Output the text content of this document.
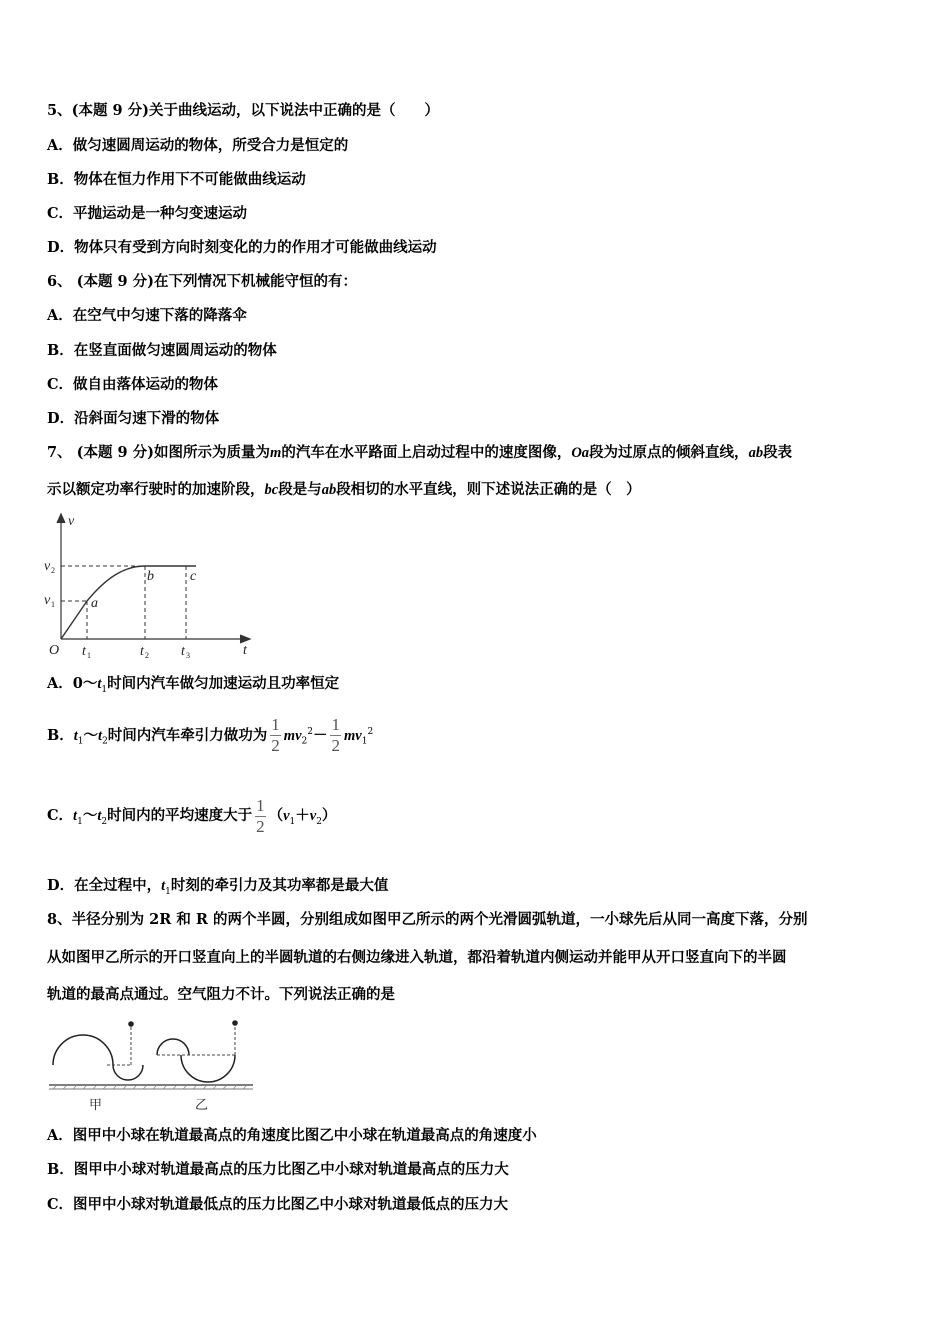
5、(本题 9 分)关于曲线运动，以下说法中正确的是（　　）
A．做匀速圆周运动的物体，所受合力是恒定的
B．物体在恒力作用下不可能做曲线运动
C．平抛运动是一种匀变速运动
D．物体只有受到方向时刻变化的力的作用才可能做曲线运动
6、 (本题 9 分)在下列情况下机械能守恒的有：
A．在空气中匀速下落的降落伞
B．在竖直面做匀速圆周运动的物体
C．做自由落体运动的物体
D．沿斜面匀速下滑的物体
7、 (本题 9 分)如图所示为质量为m的汽车在水平路面上启动过程中的速度图像，Oa段为过原点的倾斜直线，ab段表
示以额定功率行驶时的加速阶段，bc段是与ab段相切的水平直线，则下述说法正确的是（　）
v
t
O
v 2
v 1	a
b	c
t 1	t 2 t 3
A．$0\sim t_1$时间内汽车做匀加速运动且功率恒定
B．$t_1\sim t_2$时间内汽车牵引力做功为 $\frac{1}{2} mv_2^2- \frac{1}{2} mv_1^2$
C．$t_1\sim t_2$时间内的平均速度大于 $\frac{1}{2} (v_1+v_2)$
D．在全过程中，$t_1$时刻的牵引力及其功率都是最大值
8、半径分别为 2R 和 R 的两个半圆，分别组成如图甲乙所示的两个光滑圆弧轨道，一小球先后从同一高度下落，分别
从如图甲乙所示的开口竖直向上的半圆轨道的右侧边缘进入轨道，都沿着轨道内侧运动并能甲从开口竖直向下的半圆
轨道的最高点通过。空气阻力不计。下列说法正确的是
甲	乙
A．图甲中小球在轨道最高点的角速度比图乙中小球在轨道最高点的角速度小
B．图甲中小球对轨道最高点的压力比图乙中小球对轨道最高点的压力大
C．图甲中小球对轨道最低点的压力比图乙中小球对轨道最低点的压力大
